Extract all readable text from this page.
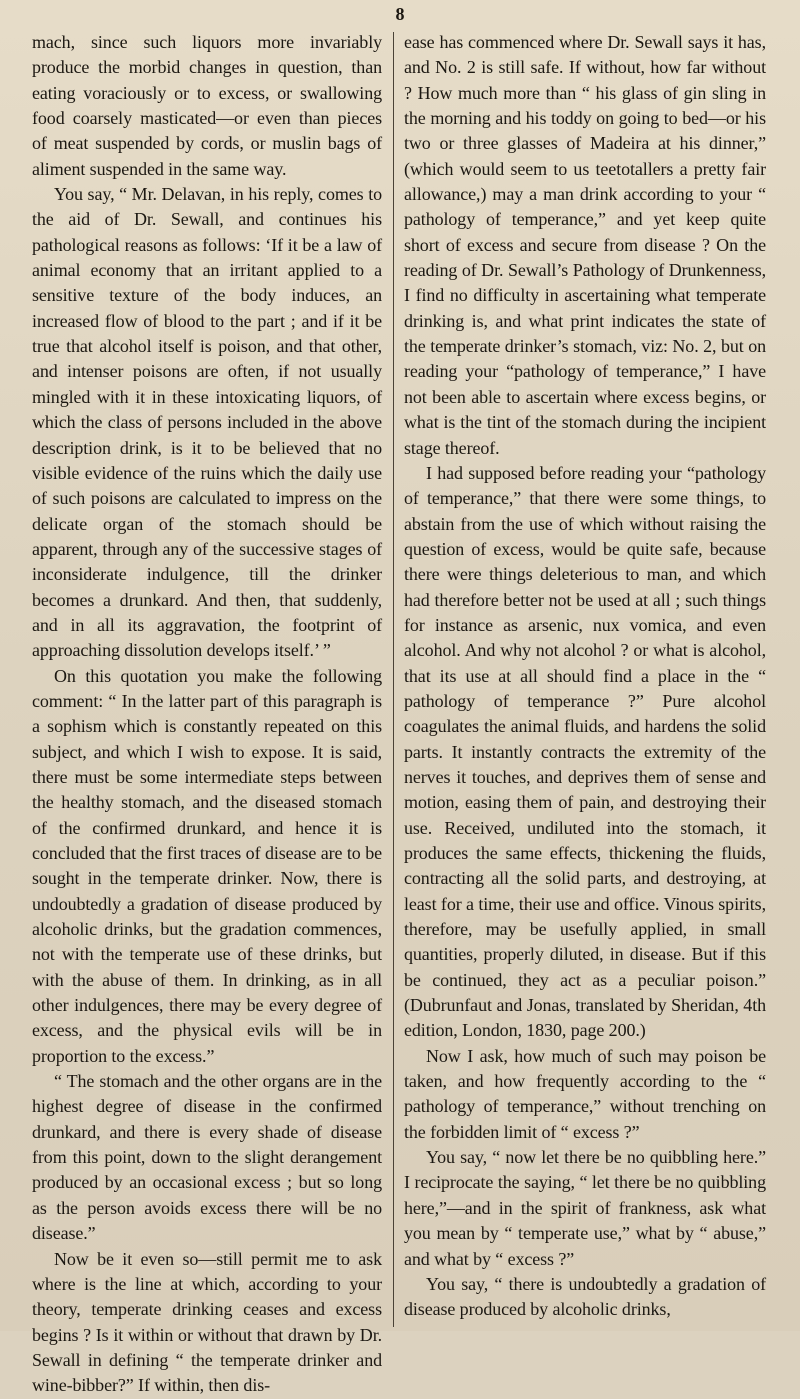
8

mach, since such liquors more invariably produce the morbid changes in question, than eating voraciously or to excess, or swallowing food coarsely masticated—or even than pieces of meat suspended by cords, or muslin bags of aliment suspended in the same way.

You say, “ Mr. Delavan, in his reply, comes to the aid of Dr. Sewall, and continues his pathological reasons as follows: ‘If it be a law of animal economy that an irritant applied to a sensitive texture of the body induces, an increased flow of blood to the part ; and if it be true that alcohol itself is poison, and that other, and intenser poisons are often, if not usually mingled with it in these intoxicating liquors, of which the class of persons included in the above description drink, is it to be believed that no visible evidence of the ruins which the daily use of such poisons are calculated to impress on the delicate organ of the stomach should be apparent, through any of the successive stages of inconsiderate indulgence, till the drinker becomes a drunkard. And then, that suddenly, and in all its aggravation, the footprint of approaching dissolution develops itself.’ ”

On this quotation you make the following comment: “ In the latter part of this paragraph is a sophism which is constantly repeated on this subject, and which I wish to expose. It is said, there must be some intermediate steps between the healthy stomach, and the diseased stomach of the confirmed drunkard, and hence it is concluded that the first traces of disease are to be sought in the temperate drinker. Now, there is undoubtedly a gradation of disease produced by alcoholic drinks, but the gradation commences, not with the temperate use of these drinks, but with the abuse of them. In drinking, as in all other indulgences, there may be every degree of excess, and the physical evils will be in proportion to the excess.”

“ The stomach and the other organs are in the highest degree of disease in the confirmed drunkard, and there is every shade of disease from this point, down to the slight derangement produced by an occasional excess ; but so long as the person avoids excess there will be no disease.”

Now be it even so—still permit me to ask where is the line at which, according to your theory, temperate drinking ceases and excess begins ? Is it within or without that drawn by Dr. Sewall in defining “ the temperate drinker and wine-bibber?” If within, then dis-

ease has commenced where Dr. Sewall says it has, and No. 2 is still safe. If without, how far without ? How much more than “ his glass of gin sling in the morning and his toddy on going to bed—or his two or three glasses of Madeira at his dinner,” (which would seem to us teetotallers a pretty fair allowance,) may a man drink according to your “ pathology of temperance,” and yet keep quite short of excess and secure from disease ? On the reading of Dr. Sewall’s Pathology of Drunkenness, I find no difficulty in ascertaining what temperate drinking is, and what print indicates the state of the temperate drinker’s stomach, viz: No. 2, but on reading your “pathology of temperance,” I have not been able to ascertain where excess begins, or what is the tint of the stomach during the incipient stage thereof.

I had supposed before reading your “pathology of temperance,” that there were some things, to abstain from the use of which without raising the question of excess, would be quite safe, because there were things deleterious to man, and which had therefore better not be used at all ; such things for instance as arsenic, nux vomica, and even alcohol. And why not alcohol ? or what is alcohol, that its use at all should find a place in the “ pathology of temperance ?” Pure alcohol coagulates the animal fluids, and hardens the solid parts. It instantly contracts the extremity of the nerves it touches, and deprives them of sense and motion, easing them of pain, and destroying their use. Received, undiluted into the stomach, it produces the same effects, thickening the fluids, contracting all the solid parts, and destroying, at least for a time, their use and office. Vinous spirits, therefore, may be usefully applied, in small quantities, properly diluted, in disease. But if this be continued, they act as a peculiar poison.” (Dubrunfaut and Jonas, translated by Sheridan, 4th edition, London, 1830, page 200.)

Now I ask, how much of such may poison be taken, and how frequently according to the “ pathology of temperance,” without trenching on the forbidden limit of “ excess ?”

You say, “ now let there be no quibbling here.” I reciprocate the saying, “ let there be no quibbling here,”—and in the spirit of frankness, ask what you mean by “ temperate use,” what by “ abuse,” and what by “ excess ?”

You say, “ there is undoubtedly a gradation of disease produced by alcoholic drinks,
